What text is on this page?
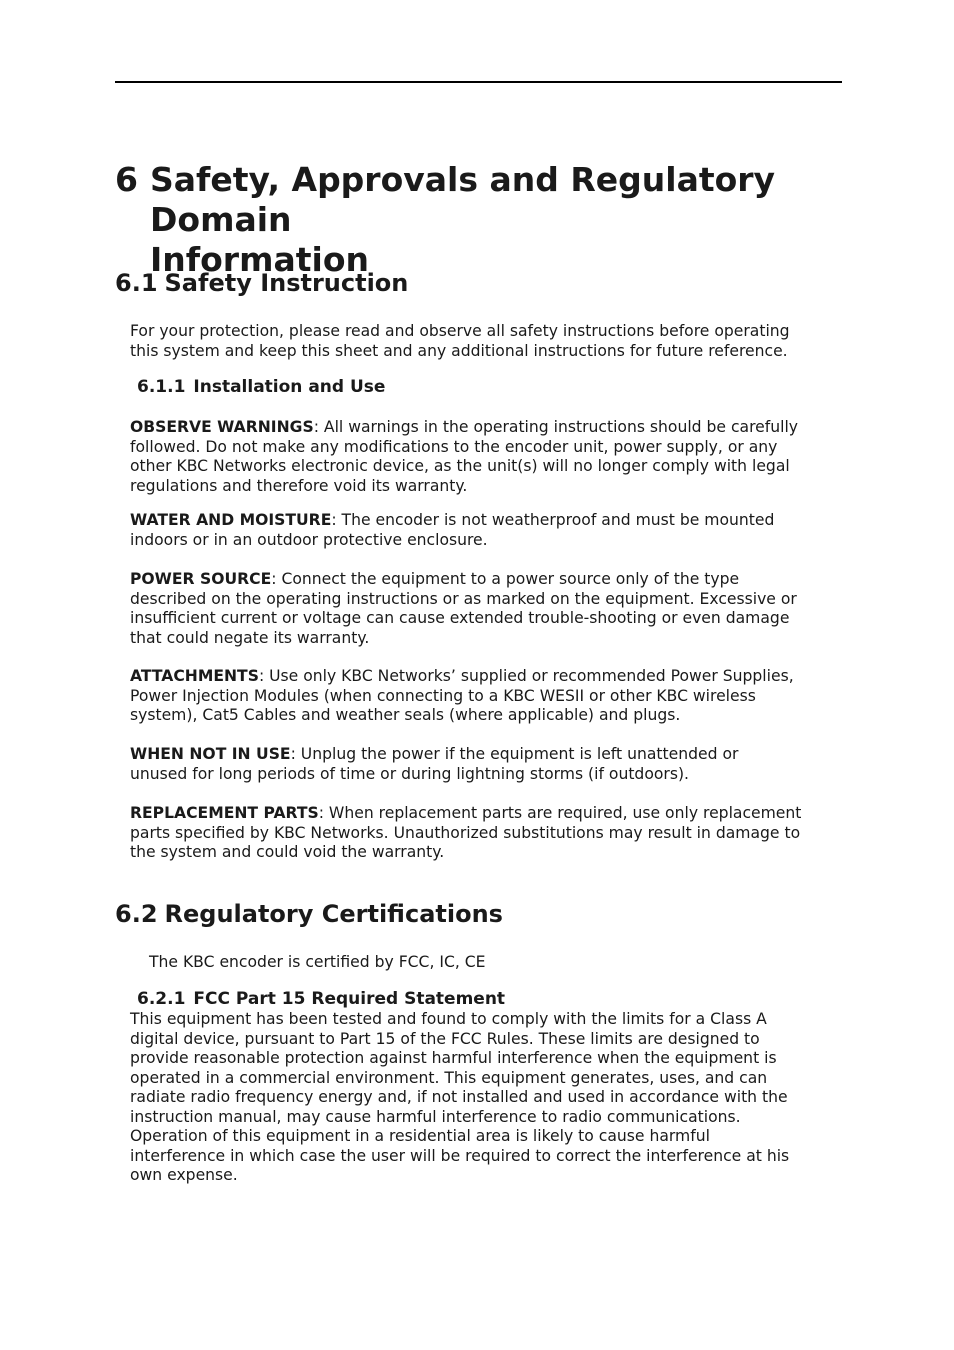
6 Safety, Approvals and Regulatory Domain
Information
6.1 Safety Instruction
For your protection, please read and observe all safety instructions before operating
this system and keep this sheet and any additional instructions for future reference.
6.1.1 Installation and Use
OBSERVE WARNINGS: All warnings in the operating instructions should be carefully
followed. Do not make any modifications to the encoder unit, power supply, or any
other KBC Networks electronic device, as the unit(s) will no longer comply with legal
regulations and therefore void its warranty.
WATER AND MOISTURE: The encoder is not weatherproof and must be mounted
indoors or in an outdoor protective enclosure.
POWER SOURCE: Connect the equipment to a power source only of the type
described on the operating instructions or as marked on the equipment. Excessive or
insufficient current or voltage can cause extended trouble-shooting or even damage
that could negate its warranty.
ATTACHMENTS: Use only KBC Networks’ supplied or recommended Power Supplies,
Power Injection Modules (when connecting to a KBC WESII or other KBC wireless
system), Cat5 Cables and weather seals (where applicable) and plugs.
WHEN NOT IN USE: Unplug the power if the equipment is left unattended or
unused for long periods of time or during lightning storms (if outdoors).
REPLACEMENT PARTS: When replacement parts are required, use only replacement
parts specified by KBC Networks. Unauthorized substitutions may result in damage to
the system and could void the warranty.
6.2 Regulatory Certifications
The KBC encoder is certified by FCC, IC, CE
6.2.1 FCC Part 15 Required Statement
This equipment has been tested and found to comply with the limits for a Class A
digital device, pursuant to Part 15 of the FCC Rules. These limits are designed to
provide reasonable protection against harmful interference when the equipment is
operated in a commercial environment. This equipment generates, uses, and can
radiate radio frequency energy and, if not installed and used in accordance with the
instruction manual, may cause harmful interference to radio communications.
Operation of this equipment in a residential area is likely to cause harmful
interference in which case the user will be required to correct the interference at his
own expense.
